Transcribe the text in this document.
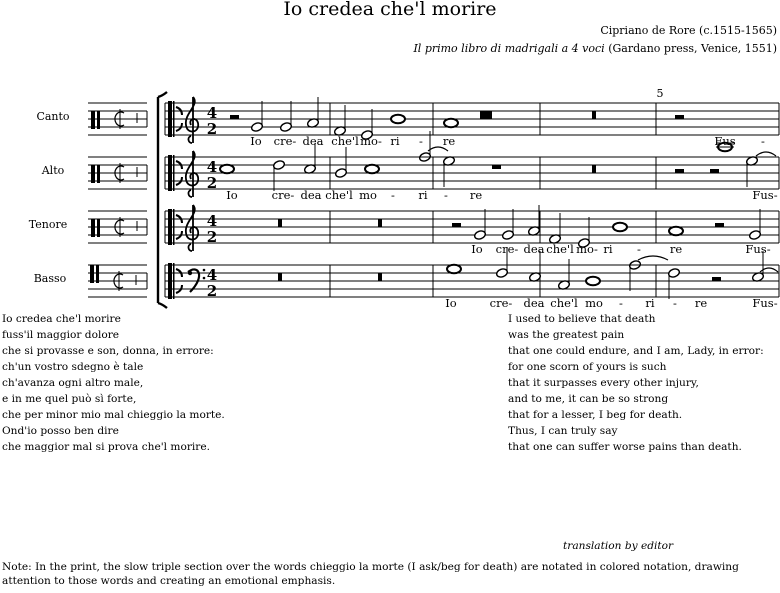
Io credea che'l morire
Cipriano de Rore (c.1515-1565)
Il primo libro di madrigali a 4 voci (Gardano press, Venice, 1551)
4
2
4
2
4
2
4
2
Canto
Alto
Tenore
Basso
5
Io cre- dea che'l mo- ri - re	Fus -
Io	cre- dea che'l mo - ri - re	Fus-
Io cre- dea che'l mo- ri -	re	Fus-
Io	cre- dea che'l mo - ri - re	Fus-
Io credea che'l morire
fuss'il maggior dolore
che si provasse e son, donna, in errore:
ch'un vostro sdegno è tale
ch'avanza ogni altro male,
e in me quel può sì forte,
che per minor mio mal chieggio la morte.
Ond'io posso ben dire
che maggior mal si prova che'l morire.
I used to believe that death
was the greatest pain
that one could endure, and I am, Lady, in error:
for one scorn of yours is such
that it surpasses every other injury,
and to me, it can be so strong
that for a lesser, I beg for death.
Thus, I can truly say
that one can suffer worse pains than death.
translation by editor
Note: In the print, the slow triple section over the words chieggio la morte (I ask/beg for death) are notated in colored notation, drawing attention to those words and creating an emotional emphasis.
